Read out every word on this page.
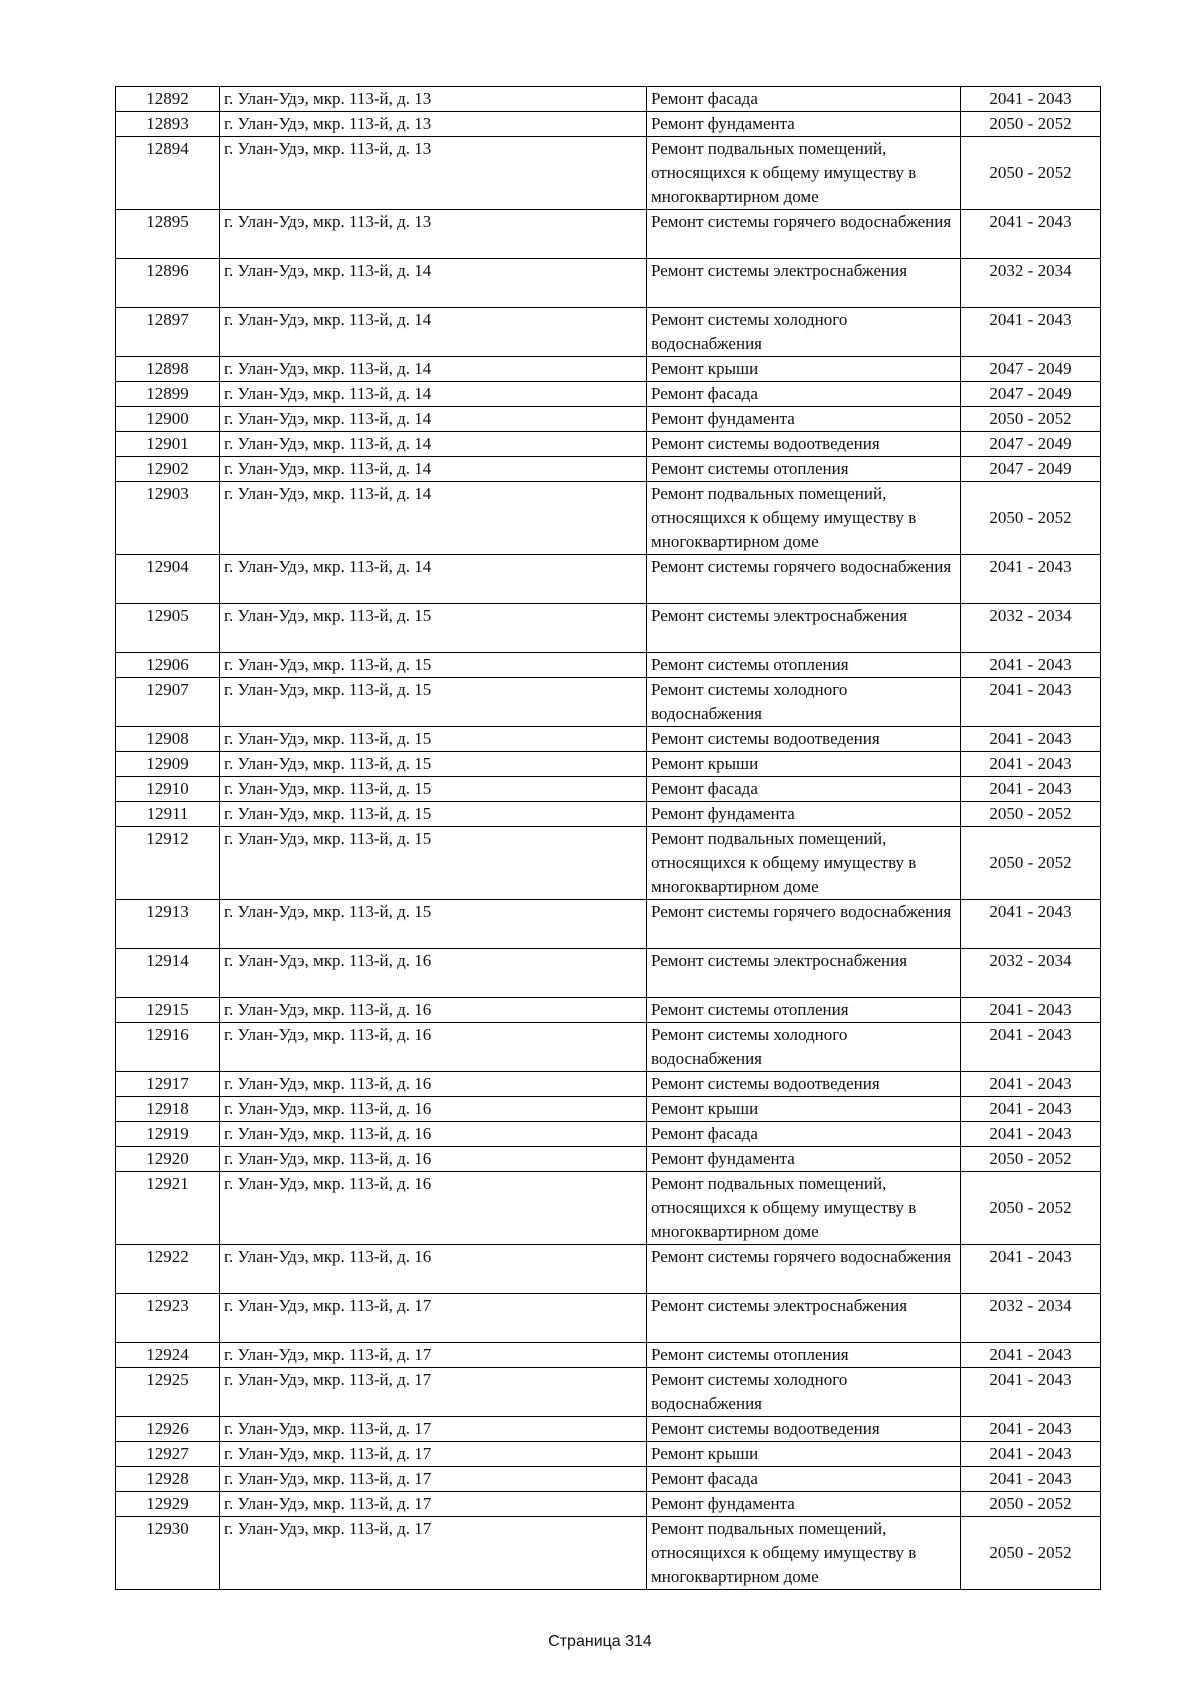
12892	г. Улан-Удэ, мкр. 113-й, д. 13	Ремонт фасада	2041 - 2043
12893	г. Улан-Удэ, мкр. 113-й, д. 13	Ремонт фундамента	2050 - 2052
12894	г. Улан-Удэ, мкр. 113-й, д. 13	Ремонт подвальных помещений, относящихся к общему имуществу в многоквартирном доме	2050 - 2052
12895	г. Улан-Удэ, мкр. 113-й, д. 13	Ремонт системы горячего водоснабжения	2041 - 2043
12896	г. Улан-Удэ, мкр. 113-й, д. 14	Ремонт системы электроснабжения	2032 - 2034
12897	г. Улан-Удэ, мкр. 113-й, д. 14	Ремонт системы холодного водоснабжения	2041 - 2043
12898	г. Улан-Удэ, мкр. 113-й, д. 14	Ремонт крыши	2047 - 2049
12899	г. Улан-Удэ, мкр. 113-й, д. 14	Ремонт фасада	2047 - 2049
12900	г. Улан-Удэ, мкр. 113-й, д. 14	Ремонт фундамента	2050 - 2052
12901	г. Улан-Удэ, мкр. 113-й, д. 14	Ремонт системы водоотведения	2047 - 2049
12902	г. Улан-Удэ, мкр. 113-й, д. 14	Ремонт системы отопления	2047 - 2049
12903	г. Улан-Удэ, мкр. 113-й, д. 14	Ремонт подвальных помещений, относящихся к общему имуществу в многоквартирном доме	2050 - 2052
12904	г. Улан-Удэ, мкр. 113-й, д. 14	Ремонт системы горячего водоснабжения	2041 - 2043
12905	г. Улан-Удэ, мкр. 113-й, д. 15	Ремонт системы электроснабжения	2032 - 2034
12906	г. Улан-Удэ, мкр. 113-й, д. 15	Ремонт системы отопления	2041 - 2043
12907	г. Улан-Удэ, мкр. 113-й, д. 15	Ремонт системы холодного водоснабжения	2041 - 2043
12908	г. Улан-Удэ, мкр. 113-й, д. 15	Ремонт системы водоотведения	2041 - 2043
12909	г. Улан-Удэ, мкр. 113-й, д. 15	Ремонт крыши	2041 - 2043
12910	г. Улан-Удэ, мкр. 113-й, д. 15	Ремонт фасада	2041 - 2043
12911	г. Улан-Удэ, мкр. 113-й, д. 15	Ремонт фундамента	2050 - 2052
12912	г. Улан-Удэ, мкр. 113-й, д. 15	Ремонт подвальных помещений, относящихся к общему имуществу в многоквартирном доме	2050 - 2052
12913	г. Улан-Удэ, мкр. 113-й, д. 15	Ремонт системы горячего водоснабжения	2041 - 2043
12914	г. Улан-Удэ, мкр. 113-й, д. 16	Ремонт системы электроснабжения	2032 - 2034
12915	г. Улан-Удэ, мкр. 113-й, д. 16	Ремонт системы отопления	2041 - 2043
12916	г. Улан-Удэ, мкр. 113-й, д. 16	Ремонт системы холодного водоснабжения	2041 - 2043
12917	г. Улан-Удэ, мкр. 113-й, д. 16	Ремонт системы водоотведения	2041 - 2043
12918	г. Улан-Удэ, мкр. 113-й, д. 16	Ремонт крыши	2041 - 2043
12919	г. Улан-Удэ, мкр. 113-й, д. 16	Ремонт фасада	2041 - 2043
12920	г. Улан-Удэ, мкр. 113-й, д. 16	Ремонт фундамента	2050 - 2052
12921	г. Улан-Удэ, мкр. 113-й, д. 16	Ремонт подвальных помещений, относящихся к общему имуществу в многоквартирном доме	2050 - 2052
12922	г. Улан-Удэ, мкр. 113-й, д. 16	Ремонт системы горячего водоснабжения	2041 - 2043
12923	г. Улан-Удэ, мкр. 113-й, д. 17	Ремонт системы электроснабжения	2032 - 2034
12924	г. Улан-Удэ, мкр. 113-й, д. 17	Ремонт системы отопления	2041 - 2043
12925	г. Улан-Удэ, мкр. 113-й, д. 17	Ремонт системы холодного водоснабжения	2041 - 2043
12926	г. Улан-Удэ, мкр. 113-й, д. 17	Ремонт системы водоотведения	2041 - 2043
12927	г. Улан-Удэ, мкр. 113-й, д. 17	Ремонт крыши	2041 - 2043
12928	г. Улан-Удэ, мкр. 113-й, д. 17	Ремонт фасада	2041 - 2043
12929	г. Улан-Удэ, мкр. 113-й, д. 17	Ремонт фундамента	2050 - 2052
12930	г. Улан-Удэ, мкр. 113-й, д. 17	Ремонт подвальных помещений, относящихся к общему имуществу в многоквартирном доме	2050 - 2052
Страница 314
